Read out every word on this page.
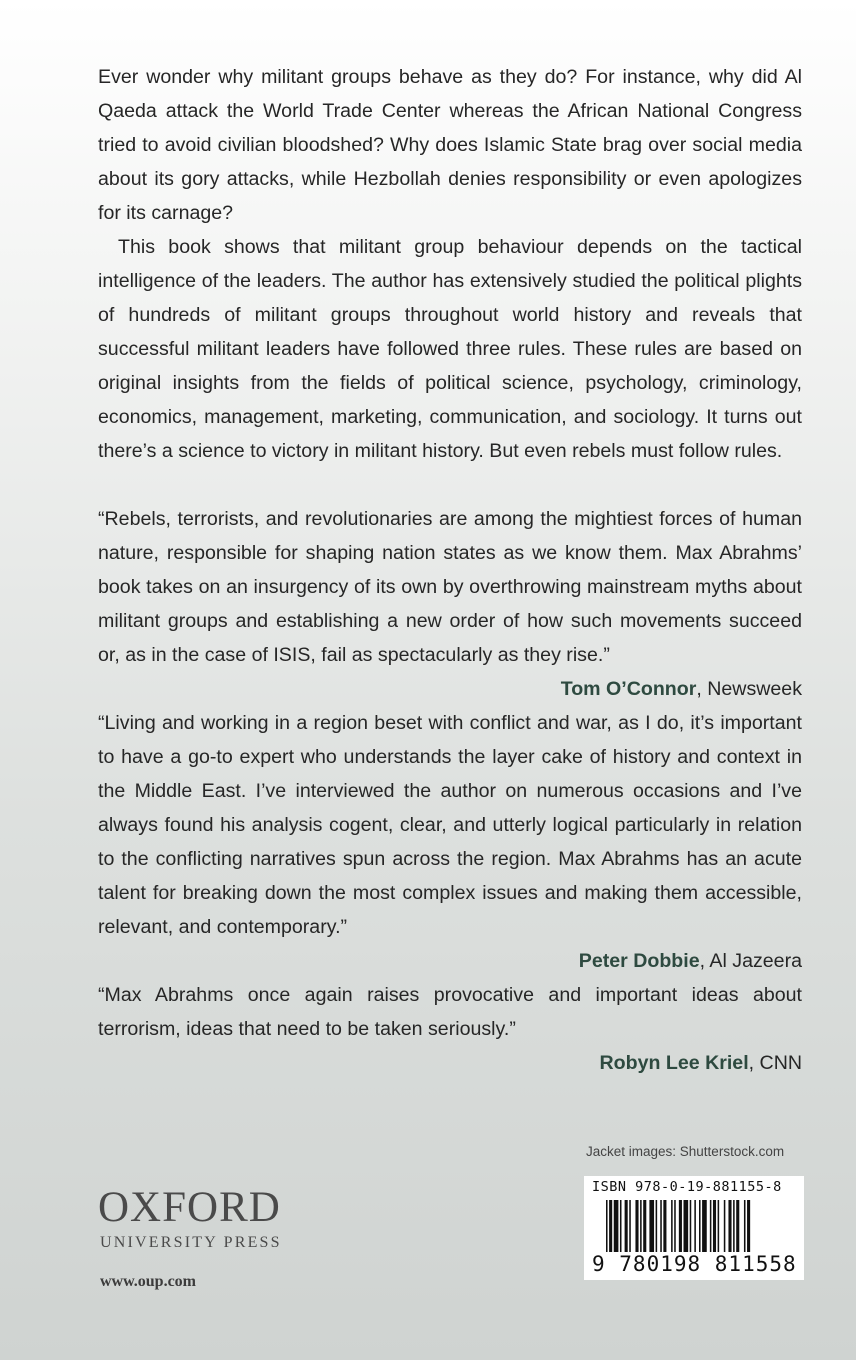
Ever wonder why militant groups behave as they do? For instance, why did Al Qaeda attack the World Trade Center whereas the African National Congress tried to avoid civilian bloodshed? Why does Islamic State brag over social media about its gory attacks, while Hezbollah denies responsibility or even apologizes for its carnage?

This book shows that militant group behaviour depends on the tactical intelligence of the leaders. The author has extensively studied the political plights of hundreds of militant groups throughout world history and reveals that successful militant leaders have followed three rules. These rules are based on original insights from the fields of political science, psychology, criminology, economics, management, marketing, communication, and sociology. It turns out there’s a science to victory in militant history. But even rebels must follow rules.

“Rebels, terrorists, and revolutionaries are among the mightiest forces of human nature, responsible for shaping nation states as we know them. Max Abrahms’ book takes on an insurgency of its own by overthrowing mainstream myths about militant groups and establishing a new order of how such movements succeed or, as in the case of ISIS, fail as spectacularly as they rise.”

Tom O’Connor, Newsweek

“Living and working in a region beset with conflict and war, as I do, it’s important to have a go-to expert who understands the layer cake of history and context in the Middle East. I’ve interviewed the author on numerous occasions and I’ve always found his analysis cogent, clear, and utterly logical particularly in relation to the conflicting narratives spun across the region. Max Abrahms has an acute talent for breaking down the most complex issues and making them accessible, relevant, and contemporary.”

Peter Dobbie, Al Jazeera

“Max Abrahms once again raises provocative and important ideas about terrorism, ideas that need to be taken seriously.”

Robyn Lee Kriel, CNN
Jacket images: Shutterstock.com
ISBN 978-0-19-881155-8
9 780198 811558
OXFORD
UNIVERSITY PRESS
www.oup.com
